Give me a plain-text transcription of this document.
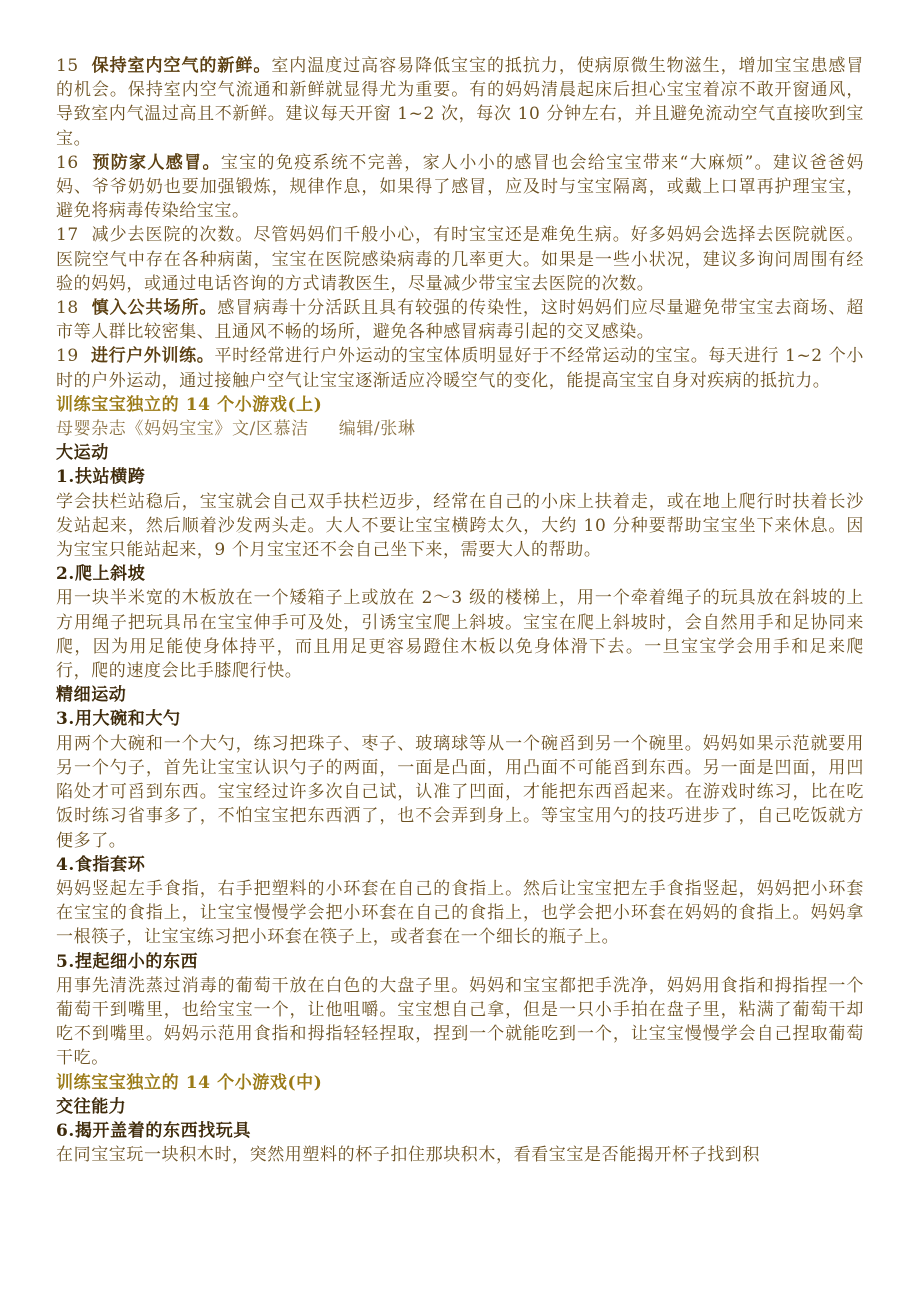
15 保持室内空气的新鲜。室内温度过高容易降低宝宝的抵抗力，使病原微生物滋生，增加宝宝患感冒的机会。保持室内空气流通和新鲜就显得尤为重要。有的妈妈清晨起床后担心宝宝着凉不敢开窗通风，导致室内气温过高且不新鲜。建议每天开窗 1~2 次，每次 10 分钟左右，并且避免流动空气直接吹到宝宝。

16 预防家人感冒。宝宝的免疫系统不完善，家人小小的感冒也会给宝宝带来“大麻烦”。建议爸爸妈妈、爷爷奶奶也要加强锻炼，规律作息，如果得了感冒，应及时与宝宝隔离，或戴上口罩再护理宝宝，避免将病毒传染给宝宝。

17 减少去医院的次数。尽管妈妈们千般小心，有时宝宝还是难免生病。好多妈妈会选择去医院就医。医院空气中存在各种病菌，宝宝在医院感染病毒的几率更大。如果是一些小状况，建议多询问周围有经验的妈妈，或通过电话咨询的方式请教医生，尽量减少带宝宝去医院的次数。

18 慎入公共场所。感冒病毒十分活跃且具有较强的传染性，这时妈妈们应尽量避免带宝宝去商场、超市等人群比较密集、且通风不畅的场所，避免各种感冒病毒引起的交叉感染。

19 进行户外训练。平时经常进行户外运动的宝宝体质明显好于不经常运动的宝宝。每天进行 1~2 个小时的户外运动，通过接触户空气让宝宝逐渐适应冷暖空气的变化，能提高宝宝自身对疾病的抵抗力。

训练宝宝独立的 14 个小游戏(上)

母婴杂志《妈妈宝宝》文/区慕洁 编辑/张琳

大运动

1.扶站横跨

学会扶栏站稳后，宝宝就会自己双手扶栏迈步，经常在自己的小床上扶着走，或在地上爬行时扶着长沙发站起来，然后顺着沙发两头走。大人不要让宝宝横跨太久，大约 10 分种要帮助宝宝坐下来休息。因为宝宝只能站起来，9 个月宝宝还不会自己坐下来，需要大人的帮助。

2.爬上斜坡

用一块半米宽的木板放在一个矮箱子上或放在 2～3 级的楼梯上，用一个牵着绳子的玩具放在斜坡的上方用绳子把玩具吊在宝宝伸手可及处，引诱宝宝爬上斜坡。宝宝在爬上斜坡时，会自然用手和足协同来爬，因为用足能使身体持平，而且用足更容易蹬住木板以免身体滑下去。一旦宝宝学会用手和足来爬行，爬的速度会比手膝爬行快。

精细运动

3.用大碗和大勺

用两个大碗和一个大勺，练习把珠子、枣子、玻璃球等从一个碗舀到另一个碗里。妈妈如果示范就要用另一个勺子，首先让宝宝认识勺子的两面，一面是凸面，用凸面不可能舀到东西。另一面是凹面，用凹陷处才可舀到东西。宝宝经过许多次自己试，认准了凹面，才能把东西舀起来。在游戏时练习，比在吃饭时练习省事多了，不怕宝宝把东西洒了，也不会弄到身上。等宝宝用勺的技巧进步了，自己吃饭就方便多了。

4.食指套环

妈妈竖起左手食指，右手把塑料的小环套在自己的食指上。然后让宝宝把左手食指竖起，妈妈把小环套在宝宝的食指上，让宝宝慢慢学会把小环套在自己的食指上，也学会把小环套在妈妈的食指上。妈妈拿一根筷子，让宝宝练习把小环套在筷子上，或者套在一个细长的瓶子上。

5.捏起细小的东西

用事先清洗蒸过消毒的葡萄干放在白色的大盘子里。妈妈和宝宝都把手洗净，妈妈用食指和拇指捏一个葡萄干到嘴里，也给宝宝一个，让他咀嚼。宝宝想自己拿，但是一只小手拍在盘子里，粘满了葡萄干却吃不到嘴里。妈妈示范用食指和拇指轻轻捏取，捏到一个就能吃到一个，让宝宝慢慢学会自己捏取葡萄干吃。

训练宝宝独立的 14 个小游戏(中)

交往能力

6.揭开盖着的东西找玩具

在同宝宝玩一块积木时，突然用塑料的杯子扣住那块积木，看看宝宝是否能揭开杯子找到积
